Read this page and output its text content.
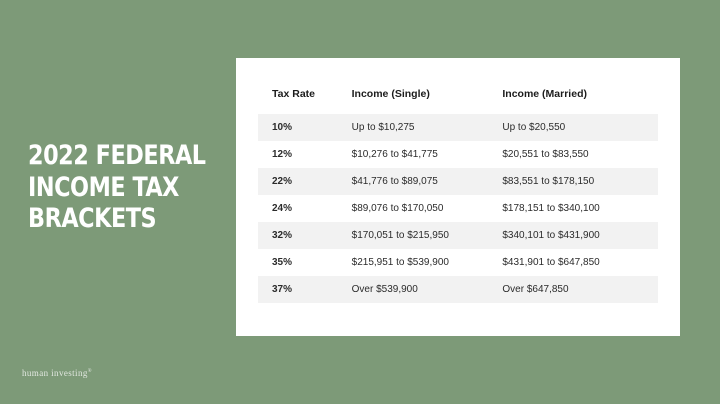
2022 FEDERAL
INCOME TAX
BRACKETS
human investing®
Tax Rate	Income (Single)	Income (Married)
10%	Up to $10,275	Up to $20,550
12%	$10,276 to $41,775	$20,551 to $83,550
22%	$41,776 to $89,075	$83,551 to $178,150
24%	$89,076 to $170,050	$178,151 to $340,100
32%	$170,051 to $215,950	$340,101 to $431,900
35%	$215,951 to $539,900	$431,901 to $647,850
37%	Over $539,900	Over $647,850
